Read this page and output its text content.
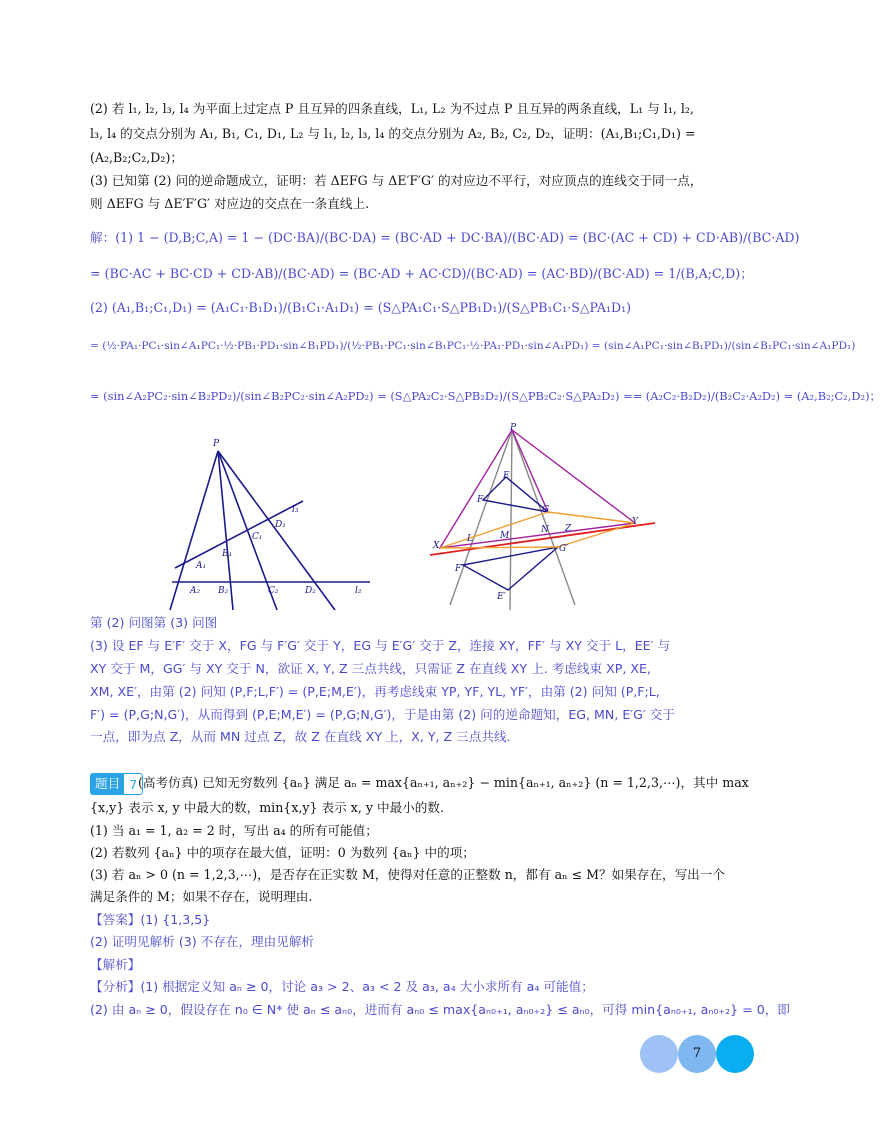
(2) 若 l₁, l₂, l₃, l₄ 为平面上过定点 P 且互异的四条直线，L₁, L₂ 为不过点 P 且互异的两条直线，L₁ 与 l₁, l₂,
l₃, l₄ 的交点分别为 A₁, B₁, C₁, D₁, L₂ 与 l₁, l₂, l₃, l₄ 的交点分别为 A₂, B₂, C₂, D₂，证明：(A₁,B₁;C₁,D₁) =
(A₂,B₂;C₂,D₂)；
(3) 已知第 (2) 问的逆命题成立，证明：若 ΔEFG 与 ΔE′F′G′ 的对应边不平行，对应顶点的连线交于同一点，
则 ΔEFG 与 ΔE′F′G′ 对应边的交点在一条直线上.
解：(1) 1 − (D,B;C,A) = 1 − (DC·BA)/(BC·DA) = (BC·AD + DC·BA)/(BC·AD) = (BC·(AC + CD) + CD·AB)/(BC·AD)
= (BC·AC + BC·CD + CD·AB)/(BC·AD) = (BC·AD + AC·CD)/(BC·AD) = (AC·BD)/(BC·AD) = 1/(B,A;C,D)；
(2) (A₁,B₁;C₁,D₁) = (A₁C₁·B₁D₁)/(B₁C₁·A₁D₁) = (S△PA₁C₁·S△PB₁D₁)/(S△PB₁C₁·S△PA₁D₁)
= (½·PA₁·PC₁·sin∠A₁PC₁·½·PB₁·PD₁·sin∠B₁PD₁)/(½·PB₁·PC₁·sin∠B₁PC₁·½·PA₁·PD₁·sin∠A₁PD₁) = (sin∠A₁PC₁·sin∠B₁PD₁)/(sin∠B₁PC₁·sin∠A₁PD₁)
= (sin∠A₂PC₂·sin∠B₂PD₂)/(sin∠B₂PC₂·sin∠A₂PD₂) = (S△PA₂C₂·S△PB₂D₂)/(S△PB₂C₂·S△PA₂D₂) == (A₂C₂·B₂D₂)/(B₂C₂·A₂D₂) = (A₂,B₂;C₂,D₂)；
P
l₃
l₂
D₁
C₁
B₁
A₁
A₂ B₂	C₂	D₂
P
E
F
G
N Z
Y
X
L	M
G′
F′
E′
第 (2) 问图第 (3) 问图
(3) 设 EF 与 E′F′ 交于 X，FG 与 F′G′ 交于 Y，EG 与 E′G′ 交于 Z，连接 XY，FF′ 与 XY 交于 L，EE′ 与
XY 交于 M，GG′ 与 XY 交于 N，欲证 X, Y, Z 三点共线，只需证 Z 在直线 XY 上. 考虑线束 XP, XE,
XM, XE′，由第 (2) 问知 (P,F;L,F′) = (P,E;M,E′)，再考虑线束 YP, YF, YL, YF′，由第 (2) 问知 (P,F;L,
F′) = (P,G;N,G′)，从而得到 (P,E;M,E′) = (P,G;N,G′)，于是由第 (2) 问的逆命题知，EG, MN, E′G′ 交于
一点，即为点 Z，从而 MN 过点 Z，故 Z 在直线 XY 上，X, Y, Z 三点共线.
题目 7 (高考仿真) 已知无穷数列 {aₙ} 满足 aₙ = max{aₙ₊₁, aₙ₊₂} − min{aₙ₊₁, aₙ₊₂} (n = 1,2,3,⋯)，其中 max
{x,y} 表示 x, y 中最大的数，min{x,y} 表示 x, y 中最小的数.
(1) 当 a₁ = 1, a₂ = 2 时，写出 a₄ 的所有可能值；
(2) 若数列 {aₙ} 中的项存在最大值，证明：0 为数列 {aₙ} 中的项；
(3) 若 aₙ > 0 (n = 1,2,3,⋯)，是否存在正实数 M，使得对任意的正整数 n，都有 aₙ ≤ M？如果存在，写出一个
满足条件的 M；如果不存在，说明理由.
【答案】(1) {1,3,5}
(2) 证明见解析 (3) 不存在，理由见解析
【解析】
【分析】(1) 根据定义知 aₙ ≥ 0，讨论 a₃ > 2、a₃ < 2 及 a₃, a₄ 大小求所有 a₄ 可能值；
(2) 由 aₙ ≥ 0，假设存在 n₀ ∈ N* 使 aₙ ≤ aₙ₀，进而有 aₙ₀ ≤ max{aₙ₀₊₁, aₙ₀₊₂} ≤ aₙ₀，可得 min{aₙ₀₊₁, aₙ₀₊₂} = 0，即
7
